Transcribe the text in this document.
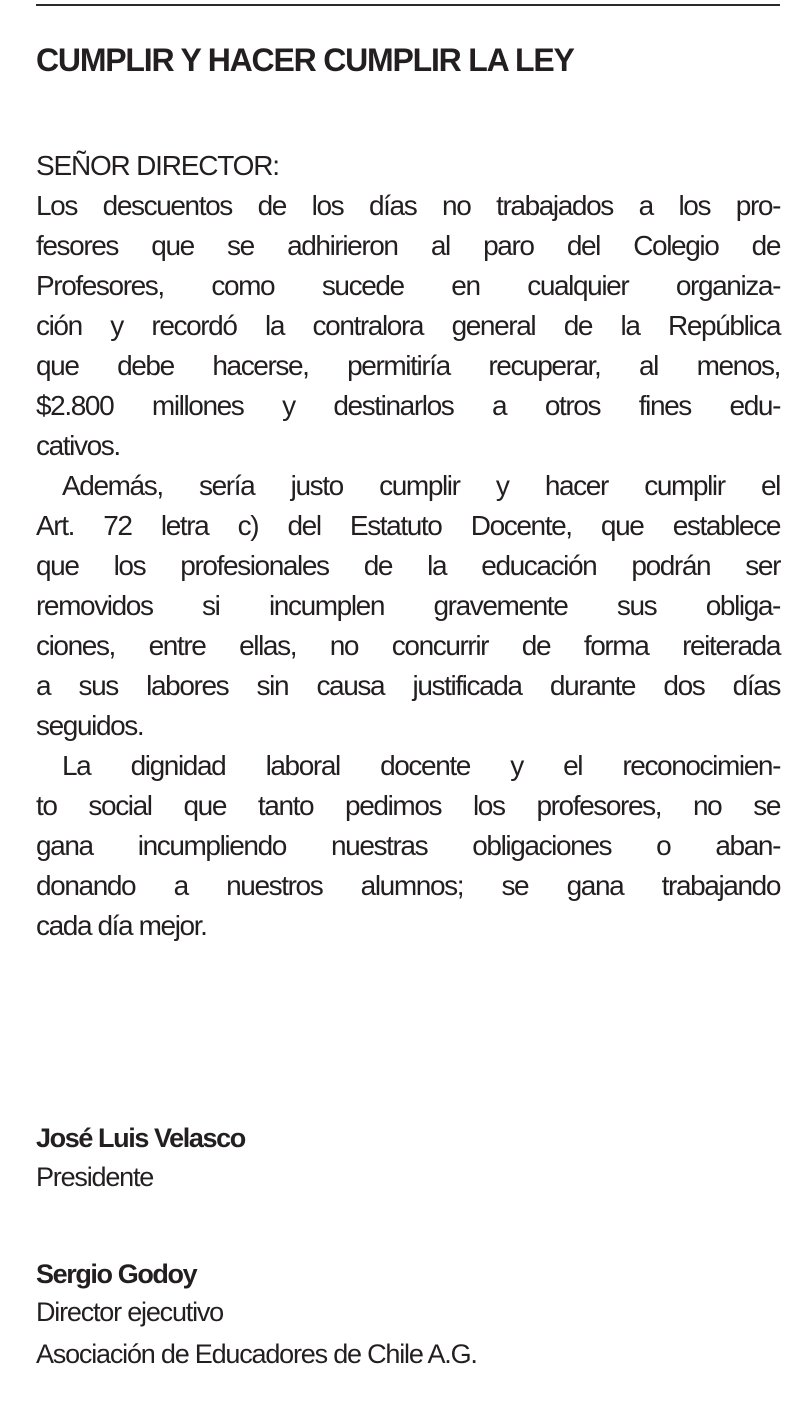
CUMPLIR Y HACER CUMPLIR LA LEY

SEÑOR DIRECTOR:

Los descuentos de los días no trabajados a los pro-
fesores que se adhirieron al paro del Colegio de
Profesores, como sucede en cualquier organiza-
ción y recordó la contralora general de la República
que debe hacerse, permitiría recuperar, al menos,
$2.800 millones y destinarlos a otros fines edu-
cativos.
Además, sería justo cumplir y hacer cumplir el
Art. 72 letra c) del Estatuto Docente, que establece
que los profesionales de la educación podrán ser
removidos si incumplen gravemente sus obliga-
ciones, entre ellas, no concurrir de forma reiterada
a sus labores sin causa justificada durante dos días
seguidos.
La dignidad laboral docente y el reconocimien-
to social que tanto pedimos los profesores, no se
gana incumpliendo nuestras obligaciones o aban-
donando a nuestros alumnos; se gana trabajando
cada día mejor.

José Luis Velasco

Presidente

Sergio Godoy

Director ejecutivo

Asociación de Educadores de Chile A.G.
